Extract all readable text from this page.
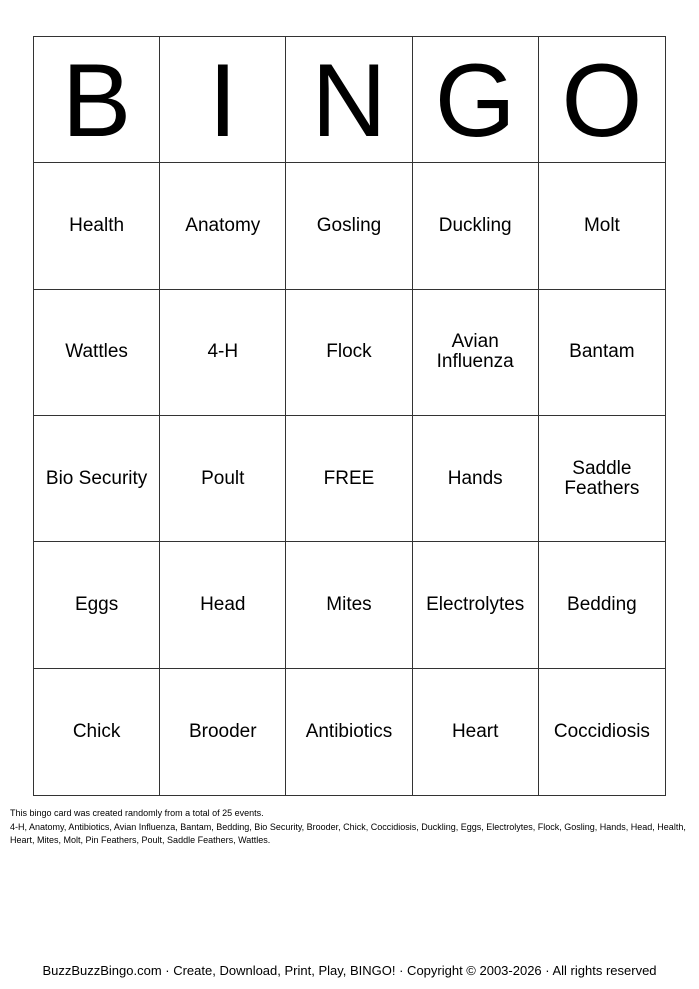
B I N G O
Health	Anatomy	Gosling	Duckling	Molt
Wattles	4-H	Flock	Avian Influenza	Bantam
Bio Security	Poult	FREE	Hands	Saddle Feathers
Eggs	Head	Mites	Electrolytes	Bedding
Chick	Brooder	Antibiotics	Heart	Coccidiosis

This bingo card was created randomly from a total of 25 events.

4-H, Anatomy, Antibiotics, Avian Influenza, Bantam, Bedding, Bio Security, Brooder, Chick, Coccidiosis, Duckling, Eggs, Electrolytes, Flock, Gosling, Hands, Head, Health, Heart, Mites, Molt, Pin Feathers, Poult, Saddle Feathers, Wattles.

BuzzBuzzBingo.com · Create, Download, Print, Play, BINGO! · Copyright © 2003-2026 · All rights reserved
